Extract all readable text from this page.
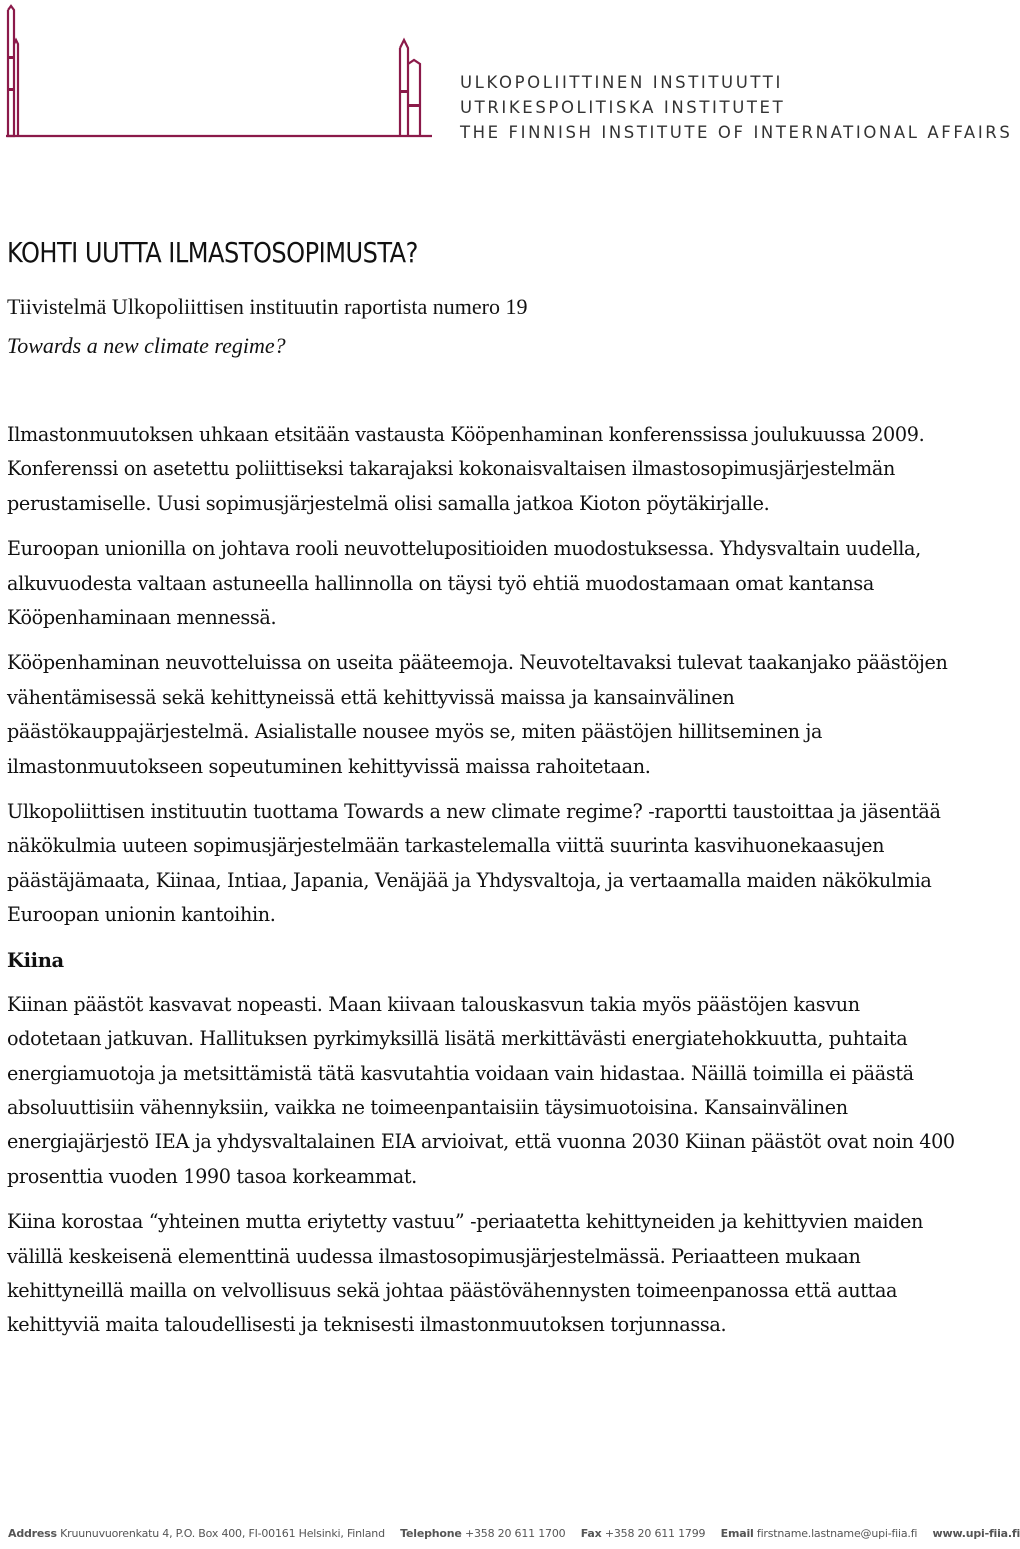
ULKOPOLIITTINEN INSTITUUTTI
UTRIKESPOLITISKA INSTITUTET
THE FINNISH INSTITUTE OF INTERNATIONAL AFFAIRS
KOHTI UUTTA ILMASTOSOPIMUSTA?
Tiivistelmä Ulkopoliittisen instituutin raportista numero 19
Towards a new climate regime?

Ilmastonmuutoksen uhkaan etsitään vastausta Kööpenhaminan konferenssissa joulukuussa 2009. Konferenssi on asetettu poliittiseksi takarajaksi kokonaisvaltaisen ilmastosopimusjärjestelmän perustamiselle. Uusi sopimusjärjestelmä olisi samalla jatkoa Kioton pöytäkirjalle.

Euroopan unionilla on johtava rooli neuvottelupositioiden muodostuksessa. Yhdysvaltain uudella, alkuvuodesta valtaan astuneella hallinnolla on täysi työ ehtiä muodostamaan omat kantansa Kööpenhaminaan mennessä.

Kööpenhaminan neuvotteluissa on useita pääteemoja. Neuvoteltavaksi tulevat taakanjako päästöjen vähentämisessä sekä kehittyneissä että kehittyvissä maissa ja kansainvälinen päästökauppajärjestelmä. Asialistalle nousee myös se, miten päästöjen hillitseminen ja ilmastonmuutokseen sopeutuminen kehittyvissä maissa rahoitetaan.

Ulkopoliittisen instituutin tuottama Towards a new climate regime? -raportti taustoittaa ja jäsentää näkökulmia uuteen sopimusjärjestelmään tarkastelemalla viittä suurinta kasvihuonekaasujen päästäjämaata, Kiinaa, Intiaa, Japania, Venäjää ja Yhdysvaltoja, ja vertaamalla maiden näkökulmia Euroopan unionin kantoihin.

Kiina

Kiinan päästöt kasvavat nopeasti. Maan kiivaan talouskasvun takia myös päästöjen kasvun odotetaan jatkuvan. Hallituksen pyrkimyksillä lisätä merkittävästi energiatehokkuutta, puhtaita energiamuotoja ja metsittämistä tätä kasvutahtia voidaan vain hidastaa. Näillä toimilla ei päästä absoluuttisiin vähennyksiin, vaikka ne toimeenpantaisiin täysimuotoisina. Kansainvälinen energiajärjestö IEA ja yhdysvaltalainen EIA arvioivat, että vuonna 2030 Kiinan päästöt ovat noin 400 prosenttia vuoden 1990 tasoa korkeammat.

Kiina korostaa “yhteinen mutta eriytetty vastuu” -periaatetta kehittyneiden ja kehittyvien maiden välillä keskeisenä elementtinä uudessa ilmastosopimusjärjestelmässä. Periaatteen mukaan kehittyneillä mailla on velvollisuus sekä johtaa päästövähennysten toimeenpanossa että auttaa kehittyviä maita taloudellisesti ja teknisesti ilmastonmuutoksen torjunnassa.

Address Kruunuvuorenkatu 4, P.O. Box 400, FI-00161 Helsinki, Finland Telephone +358 20 611 1700 Fax +358 20 611 1799 Email firstname.lastname@upi-fiia.fi www.upi-fiia.fi
